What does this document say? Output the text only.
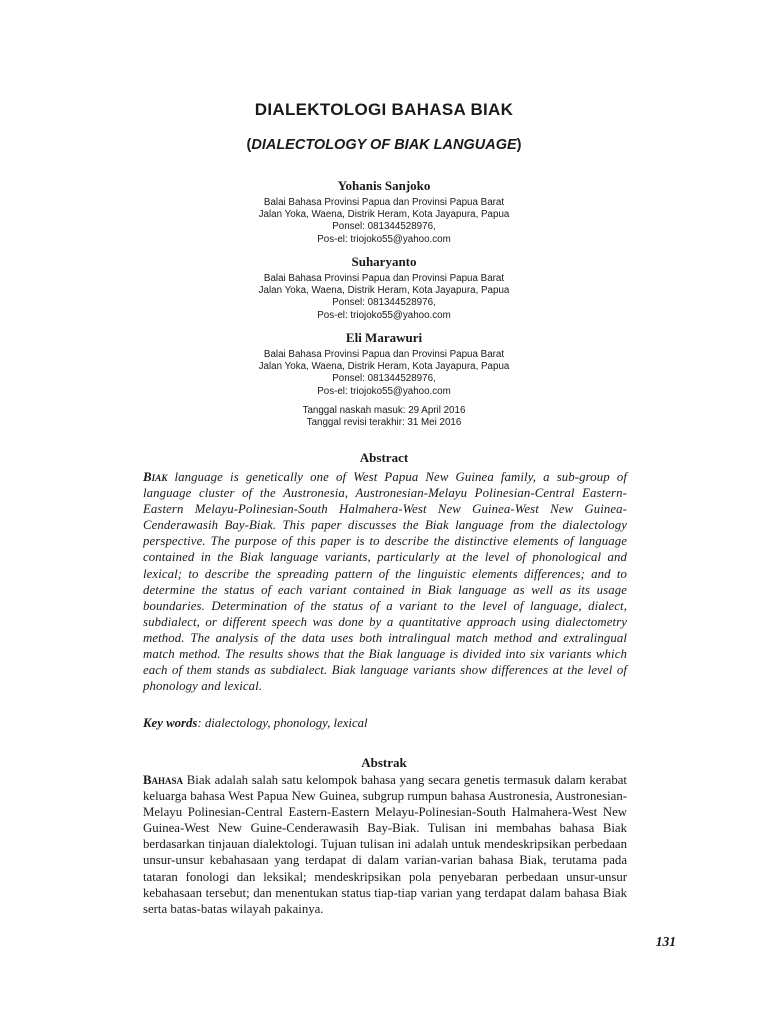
DIALEKTOLOGI BAHASA BIAK
(DIALECTOLOGY OF BIAK LANGUAGE)
Yohanis Sanjoko
Balai Bahasa Provinsi Papua dan Provinsi Papua Barat
Jalan Yoka, Waena, Distrik Heram, Kota Jayapura, Papua
Ponsel: 081344528976,
Pos-el: triojoko55@yahoo.com
Suharyanto
Balai Bahasa Provinsi Papua dan Provinsi Papua Barat
Jalan Yoka, Waena, Distrik Heram, Kota Jayapura, Papua
Ponsel: 081344528976,
Pos-el: triojoko55@yahoo.com
Eli Marawuri
Balai Bahasa Provinsi Papua dan Provinsi Papua Barat
Jalan Yoka, Waena, Distrik Heram, Kota Jayapura, Papua
Ponsel: 081344528976,
Pos-el: triojoko55@yahoo.com
Tanggal naskah masuk: 29 April 2016
Tanggal revisi terakhir: 31 Mei 2016
Abstract
Biak language is genetically one of West Papua New Guinea family, a sub-group of language cluster of the Austronesia, Austronesian-Melayu Polinesian-Central Eastern-Eastern Melayu-Polinesian-South Halmahera-West New Guinea-West New Guinea-Cenderawasih Bay-Biak. This paper discusses the Biak language from the dialectology perspective. The purpose of this paper is to describe the distinctive elements of language contained in the Biak language variants, particularly at the level of phonological and lexical; to describe the spreading pattern of the linguistic elements differences; and to determine the status of each variant contained in Biak language as well as its usage boundaries. Determination of the status of a variant to the level of language, dialect, subdialect, or different speech was done by a quantitative approach using dialectometry method. The analysis of the data uses both intralingual match method and extralingual match method. The results shows that the Biak language is divided into six variants which each of them stands as subdialect. Biak language variants show differences at the level of phonology and lexical.
Key words: dialectology, phonology, lexical
Abstrak
Bahasa Biak adalah salah satu kelompok bahasa yang secara genetis termasuk dalam kerabat keluarga bahasa West Papua New Guinea, subgrup rumpun bahasa Austronesia, Austronesian-Melayu Polinesian-Central Eastern-Eastern Melayu-Polinesian-South Halmahera-West New Guinea-West New Guine-Cenderawasih Bay-Biak. Tulisan ini membahas bahasa Biak berdasarkan tinjauan dialektologi. Tujuan tulisan ini adalah untuk mendeskripsikan perbedaan unsur-unsur kebahasaan yang terdapat di dalam varian-varian bahasa Biak, terutama pada tataran fonologi dan leksikal; mendeskripsikan pola penyebaran perbedaan unsur-unsur kebahasaan tersebut; dan menentukan status tiap-tiap varian yang terdapat dalam bahasa Biak serta batas-batas wilayah pakainya.
131
